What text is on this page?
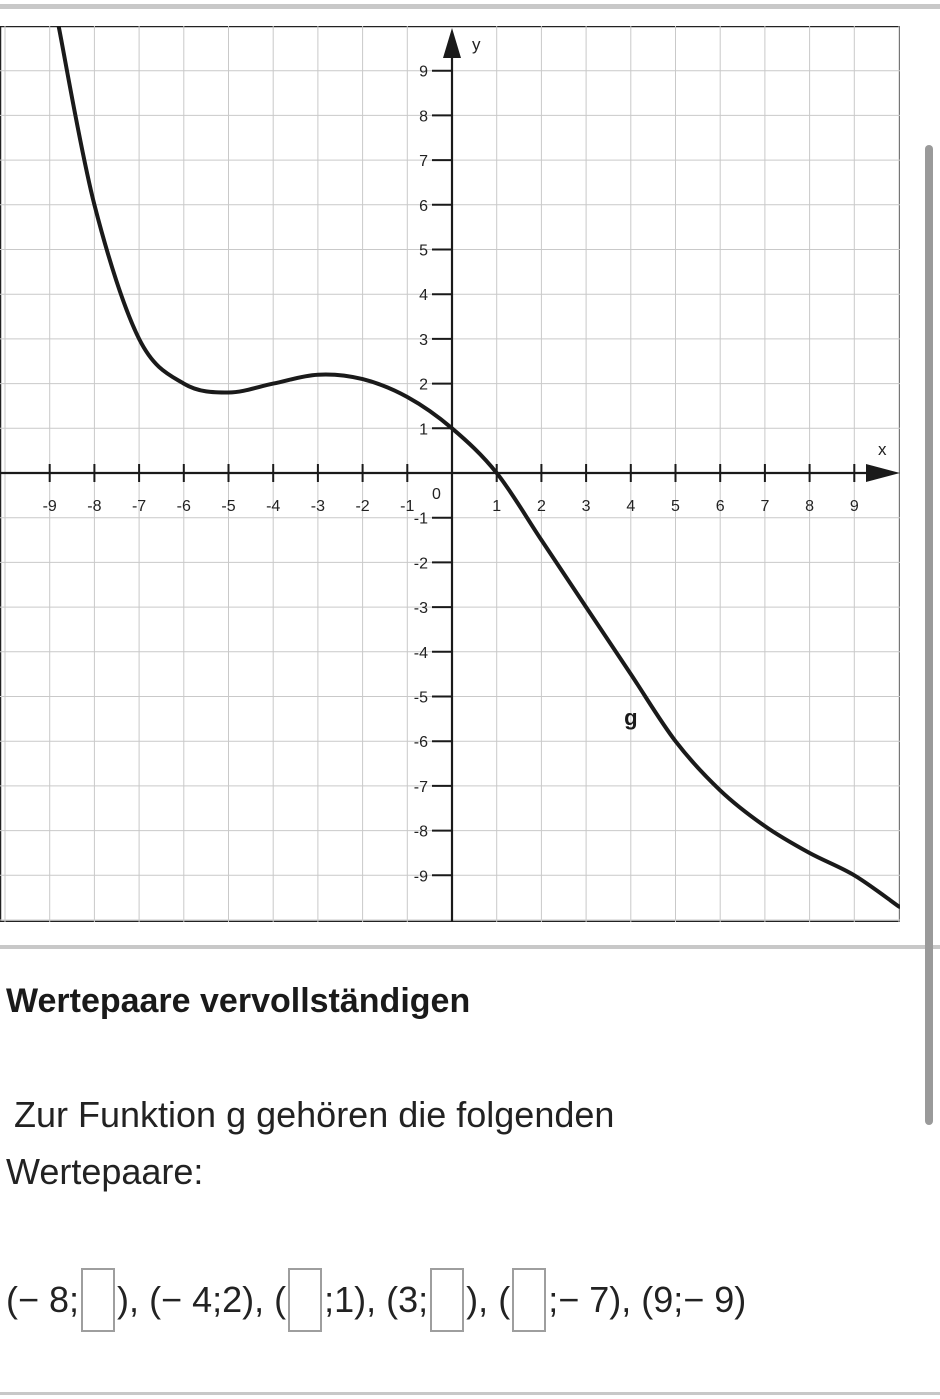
x
y
0
-9 -8 -7 -6 -5 -4 -3 -2 -1	1 2 3 4 5 6 7 8 9
9
8
7
6
5
4
3
2
1
-1
-2
-3
-4
-5
-6
-7
-8
-9
g
Wertepaare vervollständigen

Zur Funktion g gehören die folgenden
Wertepaare:

(− 8; ) , (− 4;2) , ( ;1) , (3; ) , ( ;− 7) , (9;− 9)
